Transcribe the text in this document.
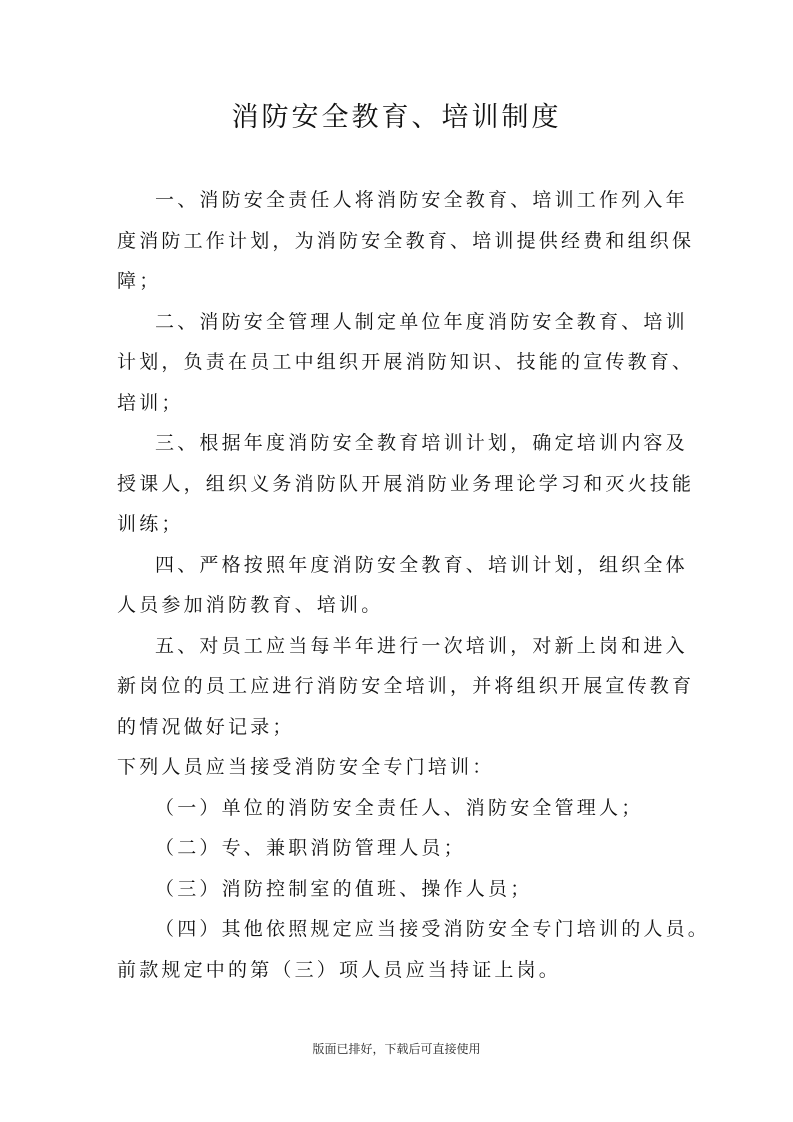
消防安全教育、培训制度
一、消防安全责任人将消防安全教育、培训工作列入年
度消防工作计划，为消防安全教育、培训提供经费和组织保
障；
二、消防安全管理人制定单位年度消防安全教育、培训
计划，负责在员工中组织开展消防知识、技能的宣传教育、
培训；
三、根据年度消防安全教育培训计划，确定培训内容及
授课人，组织义务消防队开展消防业务理论学习和灭火技能
训练；
四、严格按照年度消防安全教育、培训计划，组织全体
人员参加消防教育、培训。
五、对员工应当每半年进行一次培训，对新上岗和进入
新岗位的员工应进行消防安全培训，并将组织开展宣传教育
的情况做好记录；
下列人员应当接受消防安全专门培训：
（一）单位的消防安全责任人、消防安全管理人；
（二）专、兼职消防管理人员；
（三）消防控制室的值班、操作人员；
（四）其他依照规定应当接受消防安全专门培训的人员。
前款规定中的第（三）项人员应当持证上岗。
版面已排好，下载后可直接使用
